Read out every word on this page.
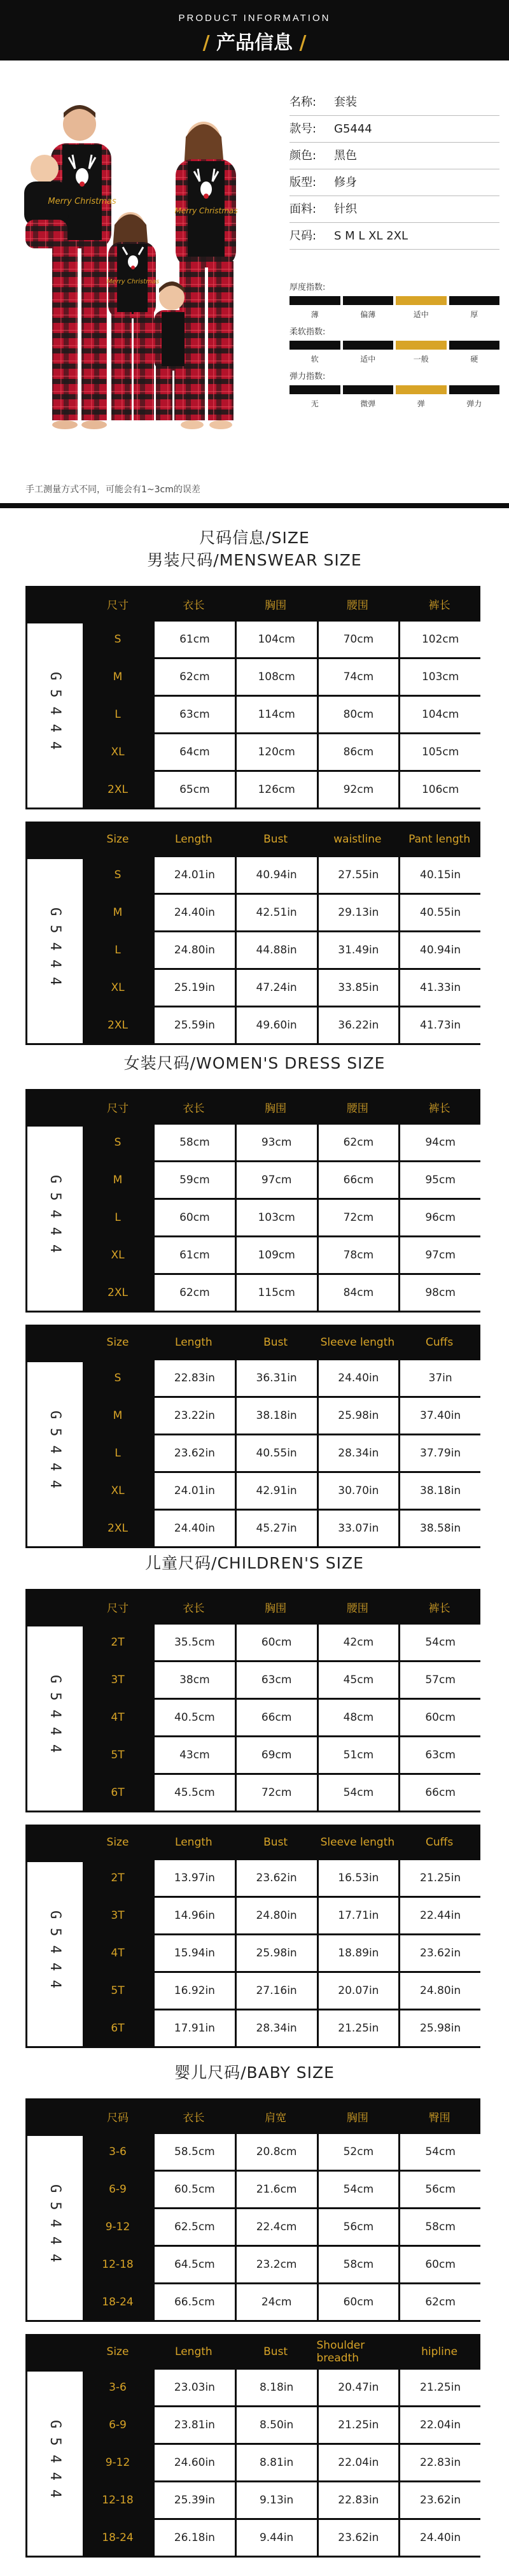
PRODUCT INFORMATION
/ 产品信息 /
Merry Christmas
Merry Christmas
Merry Christmas
手工测量方式不同，可能会有1~3cm的误差
名称:	套装
款号:	G5444
颜色:	黑色
版型:	修身
面料:	针织
尺码:	S M L XL 2XL
厚度指数:
薄	偏薄	适中	厚
柔软指数:
软	适中	一般	硬
弹力指数:
无	微弹	弹	弹力
尺码信息/SIZE
男装尺码/MENSWEAR SIZE
尺寸	衣长	胸围	腰围	裤长
G5444
S	61cm	104cm	70cm	102cm
M	62cm	108cm	74cm	103cm
L	63cm	114cm	80cm	104cm
XL	64cm	120cm	86cm	105cm
2XL	65cm	126cm	92cm	106cm
Size	Length	Bust	waistline	Pant length
G5444
S	24.01in	40.94in	27.55in	40.15in
M	24.40in	42.51in	29.13in	40.55in
L	24.80in	44.88in	31.49in	40.94in
XL	25.19in	47.24in	33.85in	41.33in
2XL	25.59in	49.60in	36.22in	41.73in
女装尺码/WOMEN'S DRESS SIZE
尺寸	衣长	胸围	腰围	裤长
G5444
S	58cm	93cm	62cm	94cm
M	59cm	97cm	66cm	95cm
L	60cm	103cm	72cm	96cm
XL	61cm	109cm	78cm	97cm
2XL	62cm	115cm	84cm	98cm
Size	Length	Bust	Sleeve length	Cuffs
G5444
S	22.83in	36.31in	24.40in	37in
M	23.22in	38.18in	25.98in	37.40in
L	23.62in	40.55in	28.34in	37.79in
XL	24.01in	42.91in	30.70in	38.18in
2XL	24.40in	45.27in	33.07in	38.58in
儿童尺码/CHILDREN'S SIZE
尺寸	衣长	胸围	腰围	裤长
G5444
2T	35.5cm	60cm	42cm	54cm
3T	38cm	63cm	45cm	57cm
4T	40.5cm	66cm	48cm	60cm
5T	43cm	69cm	51cm	63cm
6T	45.5cm	72cm	54cm	66cm
Size	Length	Bust	Sleeve length	Cuffs
G5444
2T	13.97in	23.62in	16.53in	21.25in
3T	14.96in	24.80in	17.71in	22.44in
4T	15.94in	25.98in	18.89in	23.62in
5T	16.92in	27.16in	20.07in	24.80in
6T	17.91in	28.34in	21.25in	25.98in
婴儿尺码/BABY SIZE
尺码	衣长	肩宽	胸围	臀围
G5444
3-6	58.5cm	20.8cm	52cm	54cm
6-9	60.5cm	21.6cm	54cm	56cm
9-12	62.5cm	22.4cm	56cm	58cm
12-18	64.5cm	23.2cm	58cm	60cm
18-24	66.5cm	24cm	60cm	62cm
Size	Length	Bust	Shoulder breadth	hipline
G5444
3-6	23.03in	8.18in	20.47in	21.25in
6-9	23.81in	8.50in	21.25in	22.04in
9-12	24.60in	8.81in	22.04in	22.83in
12-18	25.39in	9.13in	22.83in	23.62in
18-24	26.18in	9.44in	23.62in	24.40in
